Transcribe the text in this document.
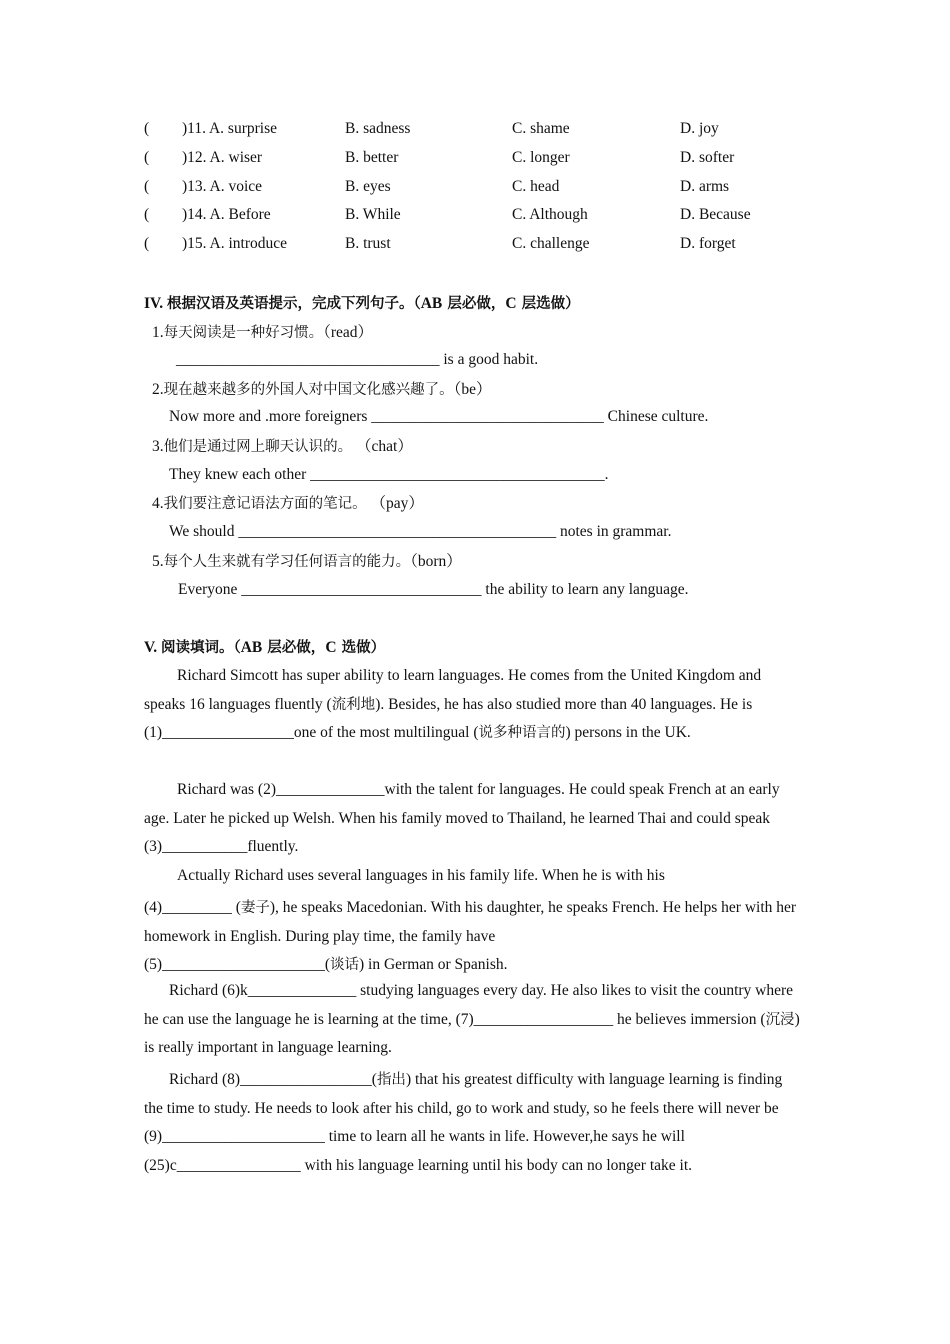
( )11. A. surprise	B. sadness	C. shame	D. joy
( )12. A. wiser	B. better	C. longer	D. softer
( )13. A. voice	B. eyes	C. head	D. arms
( )14. A. Before	B. While	C. Although	D. Because
( )15. A. introduce	B. trust	C. challenge	D. forget
IV. 根据汉语及英语提示，完成下列句子。（AB 层必做，C 层选做）
1.每天阅读是一种好习惯。（read）
__________________________________ is a good habit.
2.现在越来越多的外国人对中国文化感兴趣了。（be）
Now more and .more foreigners ______________________________ Chinese culture.
3.他们是通过网上聊天认识的。 （chat）
They knew each other ______________________________________.
4.我们要注意记语法方面的笔记。 （pay）
We should _________________________________________ notes in grammar.
5.每个人生来就有学习任何语言的能力。（born）
Everyone _______________________________ the ability to learn any language.
V. 阅读填词。（AB 层必做，C 选做）
Richard Simcott has super ability to learn languages. He comes from the United Kingdom and speaks 16 languages fluently (流利地). Besides, he has also studied more than 40 languages. He is (1)_________________one of the most multilingual (说多种语言的) persons in the UK.
Richard was (2)______________with the talent for languages. He could speak French at an early age. Later he picked up Welsh. When his family moved to Thailand, he learned Thai and could speak (3)___________fluently.
Actually Richard uses several languages in his family life. When he is with his
(4)_________ (妻子), he speaks Macedonian. With his daughter, he speaks French. He helps her with her homework in English. During play time, the family have
(5)_____________________(谈话) in German or Spanish.
Richard (6)k______________ studying languages every day. He also likes to visit the country where he can use the language he is learning at the time, (7)__________________ he believes immersion (沉浸) is really important in language learning.
Richard (8)_________________(指出) that his greatest difficulty with language learning is finding the time to study. He needs to look after his child, go to work and study, so he feels there will never be (9)_____________________ time to learn all he wants in life. However,he says he will (25)c________________ with his language learning until his body can no longer take it.
